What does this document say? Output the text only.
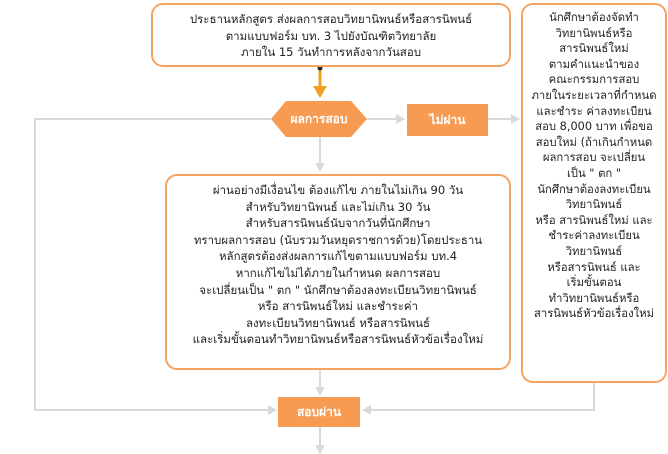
ประธานหลักสูตร ส่งผลการสอบวิทยานิพนธ์หรือสารนิพนธ์
ตามแบบฟอร์ม บท. 3 ไปยังบัณฑิตวิทยาลัย
ภายใน 15 วันทำการหลังจากวันสอบ
ผลการสอบ	ไม่ผ่าน
นักศึกษาต้องจัดทำ
วิทยานิพนธ์หรือ
สารนิพนธ์ใหม่
ตามคำแนะนำของ
คณะกรรมการสอบ
ภายในระยะเวลาที่กำหนด
และชำระ ค่าลงทะเบียน
สอบ 8,000 บาท เพื่อขอ
สอบใหม่ (ถ้าเกินกำหนด
ผลการสอบ จะเปลี่ยน
เป็น " ตก "
นักศึกษาต้องลงทะเบียน
วิทยานิพนธ์
หรือ สารนิพนธ์ใหม่ และ
ชำระค่าลงทะเบียน
วิทยานิพนธ์
หรือสารนิพนธ์ และ
เริ่มขั้นตอน
ทำวิทยานิพนธ์หรือ
สารนิพนธ์หัวข้อเรื่องใหม่
ผ่านอย่างมีเงื่อนไข ต้องแก้ไข ภายในไม่เกิน 90 วัน
สำหรับวิทยานิพนธ์ และไม่เกิน 30 วัน
สำหรับสารนิพนธ์นับจากวันที่นักศึกษา
ทราบผลการสอบ (นับรวมวันหยุดราชการด้วย)โดยประธาน
หลักสูตรต้องส่งผลการแก้ไขตามแบบฟอร์ม บท.4
หากแก้ไขไม่ได้ภายในกำหนด ผลการสอบ
จะเปลี่ยนเป็น " ตก " นักศึกษาต้องลงทะเบียนวิทยานิพนธ์
หรือ สารนิพนธ์ใหม่ และชำระค่า
ลงทะเบียนวิทยานิพนธ์ หรือสารนิพนธ์
และเริ่มขั้นตอนทำวิทยานิพนธ์หรือสารนิพนธ์หัวข้อเรื่องใหม่
สอบผ่าน
